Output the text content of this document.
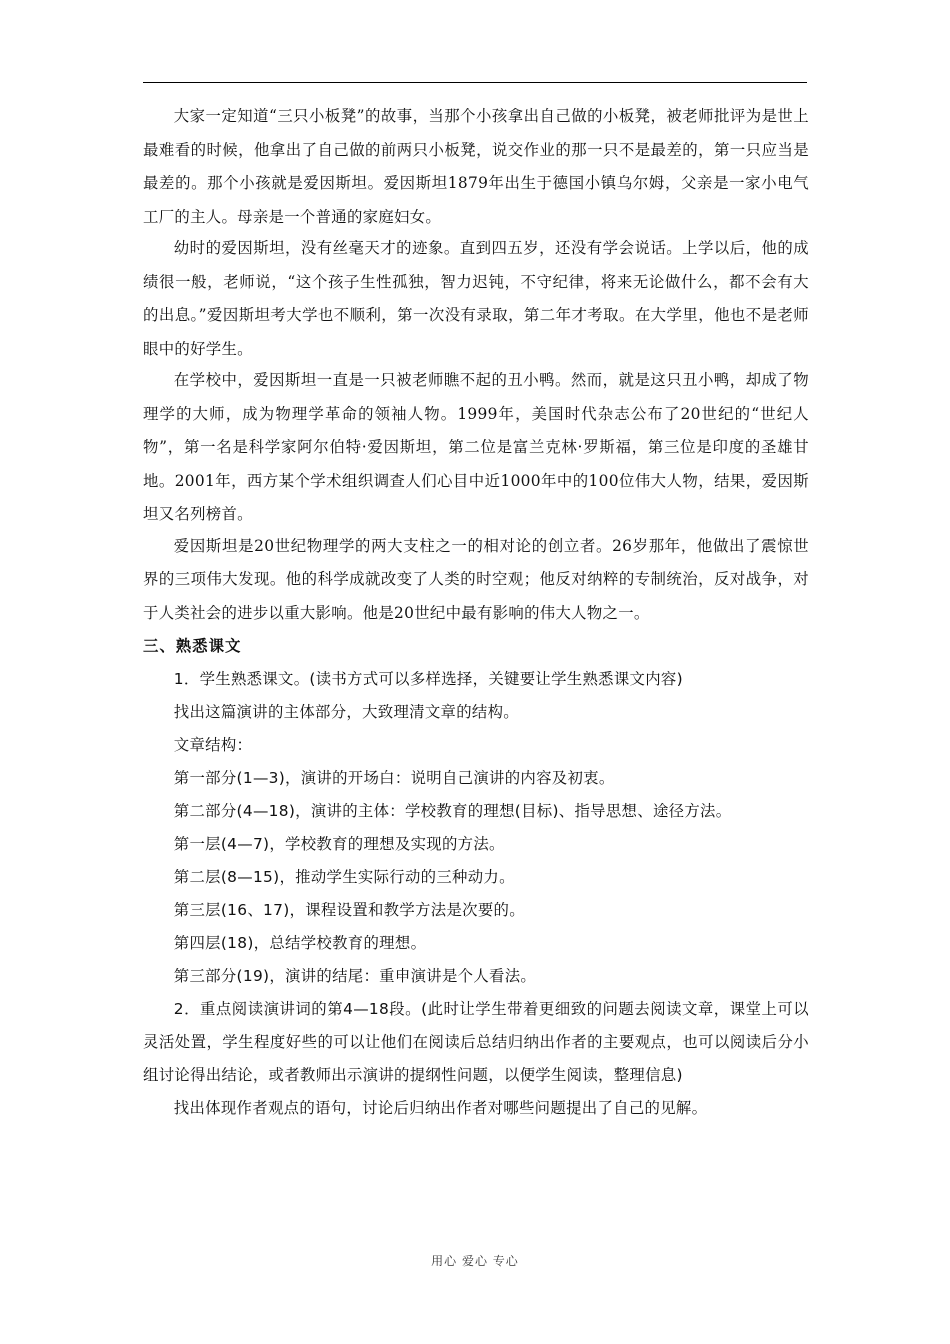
大家一定知道“三只小板凳”的故事，当那个小孩拿出自己做的小板凳，被老师批评为是世上最难看的时候，他拿出了自己做的前两只小板凳，说交作业的那一只不是最差的，第一只应当是最差的。那个小孩就是爱因斯坦。爱因斯坦1879年出生于德国小镇乌尔姆，父亲是一家小电气工厂的主人。母亲是一个普通的家庭妇女。

幼时的爱因斯坦，没有丝毫天才的迹象。直到四五岁，还没有学会说话。上学以后，他的成绩很一般，老师说，“这个孩子生性孤独，智力迟钝，不守纪律，将来无论做什么，都不会有大的出息。”爱因斯坦考大学也不顺利，第一次没有录取，第二年才考取。在大学里，他也不是老师眼中的好学生。

在学校中，爱因斯坦一直是一只被老师瞧不起的丑小鸭。然而，就是这只丑小鸭，却成了物理学的大师，成为物理学革命的领袖人物。1999年，美国时代杂志公布了20世纪的“世纪人物”，第一名是科学家阿尔伯特·爱因斯坦，第二位是富兰克林·罗斯福，第三位是印度的圣雄甘地。2001年，西方某个学术组织调查人们心目中近1000年中的100位伟大人物，结果，爱因斯坦又名列榜首。

爱因斯坦是20世纪物理学的两大支柱之一的相对论的创立者。26岁那年，他做出了震惊世界的三项伟大发现。他的科学成就改变了人类的时空观；他反对纳粹的专制统治，反对战争，对于人类社会的进步以重大影响。他是20世纪中最有影响的伟大人物之一。

三、熟悉课文

1．学生熟悉课文。(读书方式可以多样选择，关键要让学生熟悉课文内容)

找出这篇演讲的主体部分，大致理清文章的结构。

文章结构：

第一部分(1—3)，演讲的开场白：说明自己演讲的内容及初衷。

第二部分(4—18)，演讲的主体：学校教育的理想(目标)、指导思想、途径方法。

第一层(4—7)，学校教育的理想及实现的方法。

第二层(8—15)，推动学生实际行动的三种动力。

第三层(16、17)，课程设置和教学方法是次要的。

第四层(18)，总结学校教育的理想。

第三部分(19)，演讲的结尾：重申演讲是个人看法。

2．重点阅读演讲词的第4—18段。(此时让学生带着更细致的问题去阅读文章，课堂上可以灵活处置，学生程度好些的可以让他们在阅读后总结归纳出作者的主要观点，也可以阅读后分小组讨论得出结论，或者教师出示演讲的提纲性问题，以便学生阅读，整理信息)

找出体现作者观点的语句，讨论后归纳出作者对哪些问题提出了自己的见解。

用心 爱心 专心
